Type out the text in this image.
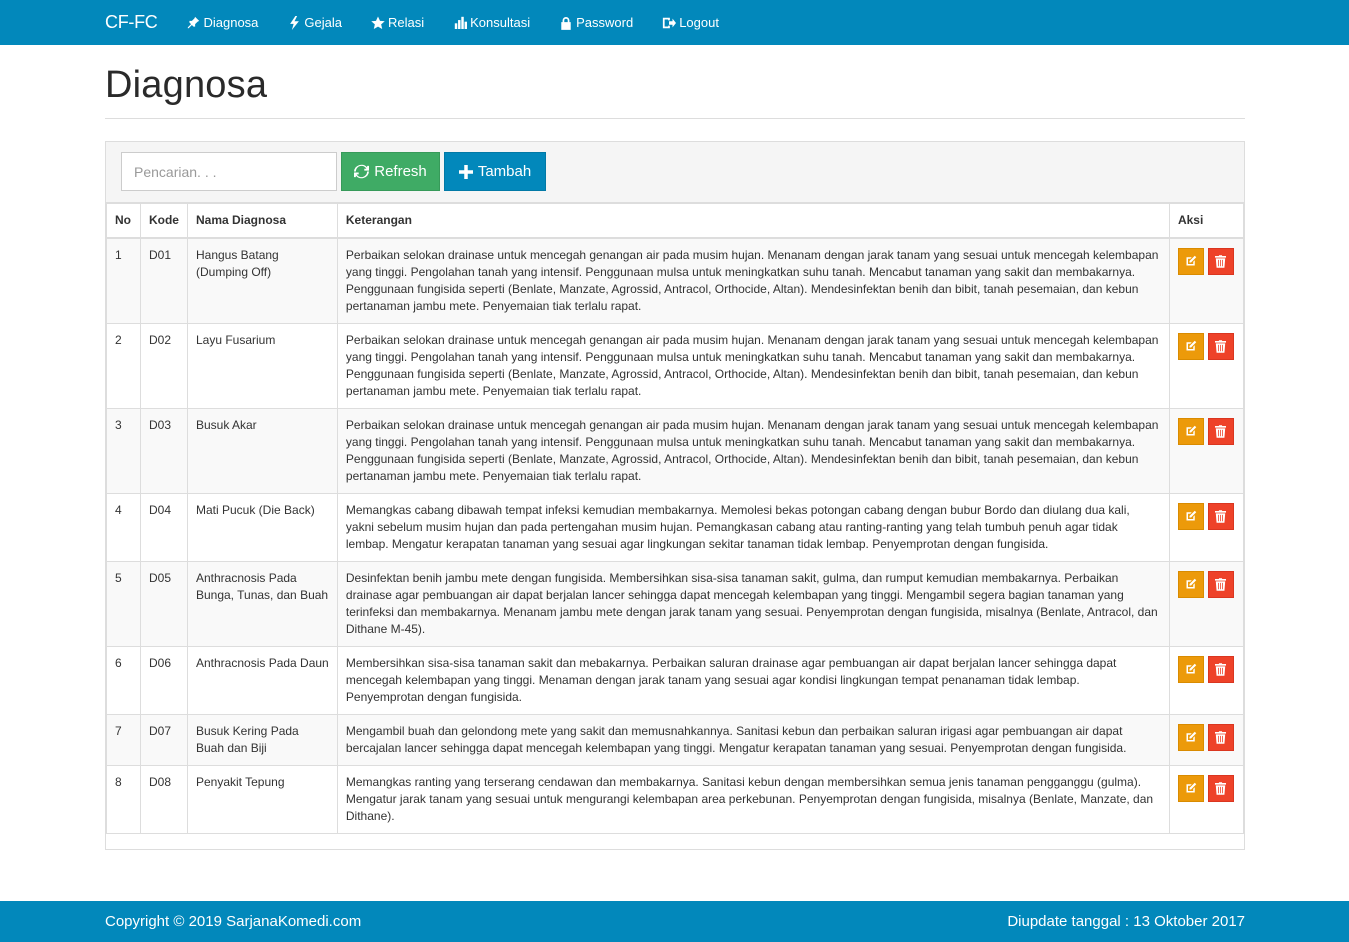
CF-FC	Diagnosa	Gejala	Relasi	Konsultasi	Password	Logout
Diagnosa
Pencarian. . .
Refresh	Tambah
No	Kode	Nama Diagnosa	Keterangan	Aksi
1	D01	Hangus Batang (Dumping Off)	Perbaikan selokan drainase untuk mencegah genangan air pada musim hujan. Menanam dengan jarak tanam yang sesuai untuk mencegah kelembapan yang tinggi. Pengolahan tanah yang intensif. Penggunaan mulsa untuk meningkatkan suhu tanah. Mencabut tanaman yang sakit dan membakarnya. Penggunaan fungisida seperti (Benlate, Manzate, Agrossid, Antracol, Orthocide, Altan). Mendesinfektan benih dan bibit, tanah pesemaian, dan kebun pertanaman jambu mete. Penyemaian tiak terlalu rapat.	

2	D02	Layu Fusarium	Perbaikan selokan drainase untuk mencegah genangan air pada musim hujan. Menanam dengan jarak tanam yang sesuai untuk mencegah kelembapan yang tinggi. Pengolahan tanah yang intensif. Penggunaan mulsa untuk meningkatkan suhu tanah. Mencabut tanaman yang sakit dan membakarnya. Penggunaan fungisida seperti (Benlate, Manzate, Agrossid, Antracol, Orthocide, Altan). Mendesinfektan benih dan bibit, tanah pesemaian, dan kebun pertanaman jambu mete. Penyemaian tiak terlalu rapat.	

3	D03	Busuk Akar	Perbaikan selokan drainase untuk mencegah genangan air pada musim hujan. Menanam dengan jarak tanam yang sesuai untuk mencegah kelembapan yang tinggi. Pengolahan tanah yang intensif. Penggunaan mulsa untuk meningkatkan suhu tanah. Mencabut tanaman yang sakit dan membakarnya. Penggunaan fungisida seperti (Benlate, Manzate, Agrossid, Antracol, Orthocide, Altan). Mendesinfektan benih dan bibit, tanah pesemaian, dan kebun pertanaman jambu mete. Penyemaian tiak terlalu rapat.	

4	D04	Mati Pucuk (Die Back)	Memangkas cabang dibawah tempat infeksi kemudian membakarnya. Memolesi bekas potongan cabang dengan bubur Bordo dan diulang dua kali, yakni sebelum musim hujan dan pada pertengahan musim hujan. Pemangkasan cabang atau ranting-ranting yang telah tumbuh penuh agar tidak lembap. Mengatur kerapatan tanaman yang sesuai agar lingkungan sekitar tanaman tidak lembap. Penyemprotan dengan fungisida.	

5	D05	Anthracnosis Pada Bunga, Tunas, dan Buah	Desinfektan benih jambu mete dengan fungisida. Membersihkan sisa-sisa tanaman sakit, gulma, dan rumput kemudian membakarnya. Perbaikan drainase agar pembuangan air dapat berjalan lancer sehingga dapat mencegah kelembapan yang tinggi. Mengambil segera bagian tanaman yang terinfeksi dan membakarnya. Menanam jambu mete dengan jarak tanam yang sesuai. Penyemprotan dengan fungisida, misalnya (Benlate, Antracol, dan Dithane M-45).	

6	D06	Anthracnosis Pada Daun	Membersihkan sisa-sisa tanaman sakit dan mebakarnya. Perbaikan saluran drainase agar pembuangan air dapat berjalan lancer sehingga dapat mencegah kelembapan yang tinggi. Menaman dengan jarak tanam yang sesuai agar kondisi lingkungan tempat penanaman tidak lembap. Penyemprotan dengan fungisida.	

7	D07	Busuk Kering Pada Buah dan Biji	Mengambil buah dan gelondong mete yang sakit dan memusnahkannya. Sanitasi kebun dan perbaikan saluran irigasi agar pembuangan air dapat bercajalan lancer sehingga dapat mencegah kelembapan yang tinggi. Mengatur kerapatan tanaman yang sesuai. Penyemprotan dengan fungisida.	

8	D08	Penyakit Tepung	Memangkas ranting yang terserang cendawan dan membakarnya. Sanitasi kebun dengan membersihkan semua jenis tanaman pengganggu (gulma). Mengatur jarak tanam yang sesuai untuk mengurangi kelembapan area perkebunan. Penyemprotan dengan fungisida, misalnya (Benlate, Manzate, dan Dithane).	
Copyright © 2019 SarjanaKomedi.com	Diupdate tanggal : 13 Oktober 2017
